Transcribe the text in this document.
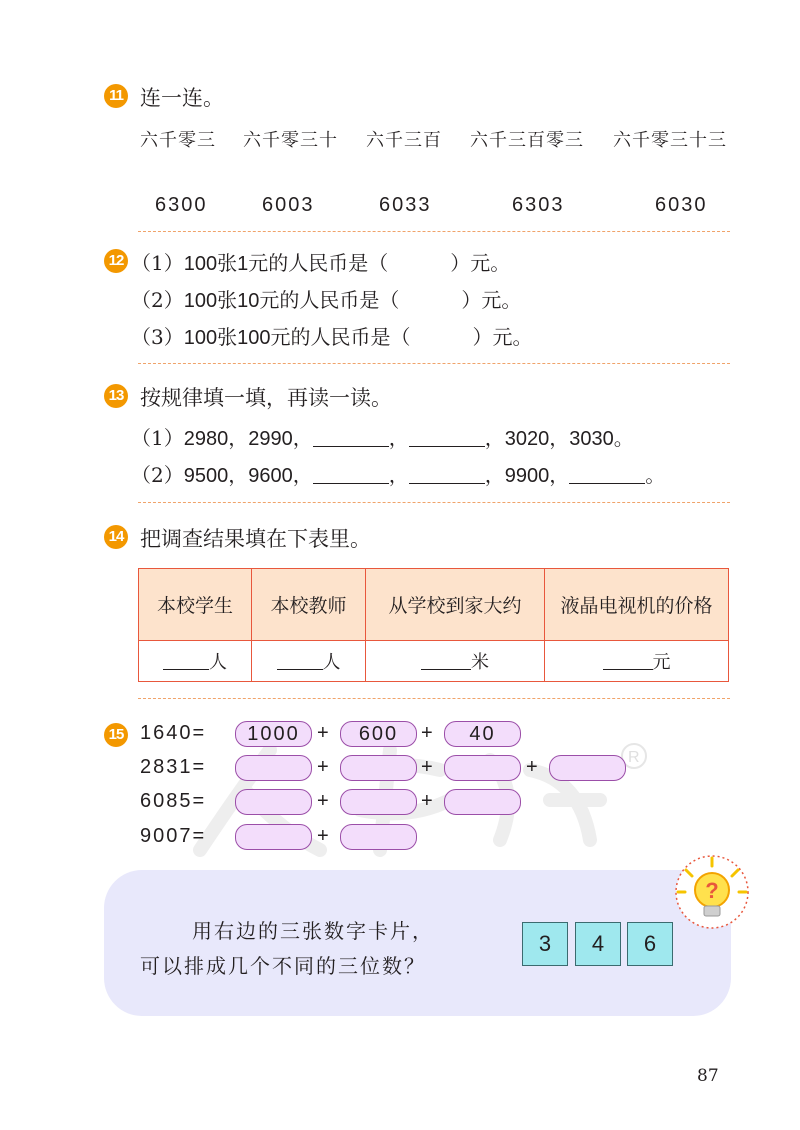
11 连一连。
六千零三 六千零三十 六千三百 六千三百零三 六千零三十三
6300	6003	6033	6303	6030
12 （1）100张1元的人民币是（	）元。
（2）100张10元的人民币是（	）元。
（3）100张100元的人民币是（	）元。
13 按规律填一填，再读一读。
（1）2980，2990，	，	，3020，3030。
（2）9500，9600，	，	，9900，	。
14 把调查结果填在下表里。
本校学生	本校教师	从学校到家大约	液晶电视机的价格
人	人	米	元
R
15 1640=	1000 +	600	+	40
2831=	+	+	+
6085=	+	+
9007=	+
?
用右边的三张数字卡片，
可以排成几个不同的三位数？
3	4	6
87
